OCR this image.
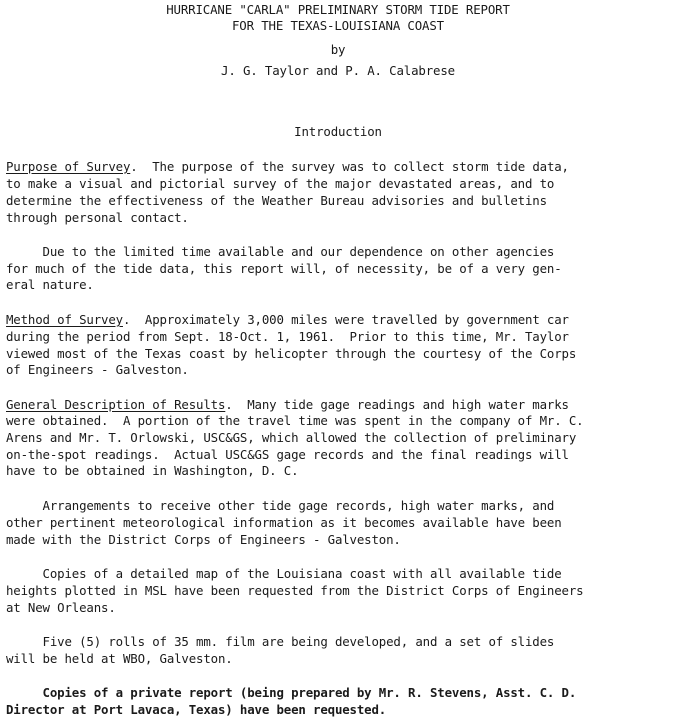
HURRICANE "CARLA" PRELIMINARY STORM TIDE REPORT
FOR THE TEXAS-LOUISIANA COAST
by
J. G. Taylor and P. A. Calabrese
Introduction
Purpose of Survey.  The purpose of the survey was to collect storm tide data,
to make a visual and pictorial survey of the major devastated areas, and to
determine the effectiveness of the Weather Bureau advisories and bulletins
through personal contact.
Due to the limited time available and our dependence on other agencies
for much of the tide data, this report will, of necessity, be of a very gen-
eral nature.
Method of Survey.  Approximately 3,000 miles were travelled by government car
during the period from Sept. 18-Oct. 1, 1961.  Prior to this time, Mr. Taylor
viewed most of the Texas coast by helicopter through the courtesy of the Corps
of Engineers - Galveston.
General Description of Results.  Many tide gage readings and high water marks
were obtained.  A portion of the travel time was spent in the company of Mr. C.
Arens and Mr. T. Orlowski, USC&GS, which allowed the collection of preliminary
on-the-spot readings.  Actual USC&GS gage records and the final readings will
have to be obtained in Washington, D. C.
Arrangements to receive other tide gage records, high water marks, and
other pertinent meteorological information as it becomes available have been
made with the District Corps of Engineers - Galveston.
Copies of a detailed map of the Louisiana coast with all available tide
heights plotted in MSL have been requested from the District Corps of Engineers
at New Orleans.
Five (5) rolls of 35 mm. film are being developed, and a set of slides
will be held at WBO, Galveston.
Copies of a private report (being prepared by Mr. R. Stevens, Asst. C. D.
Director at Port Lavaca, Texas) have been requested.
